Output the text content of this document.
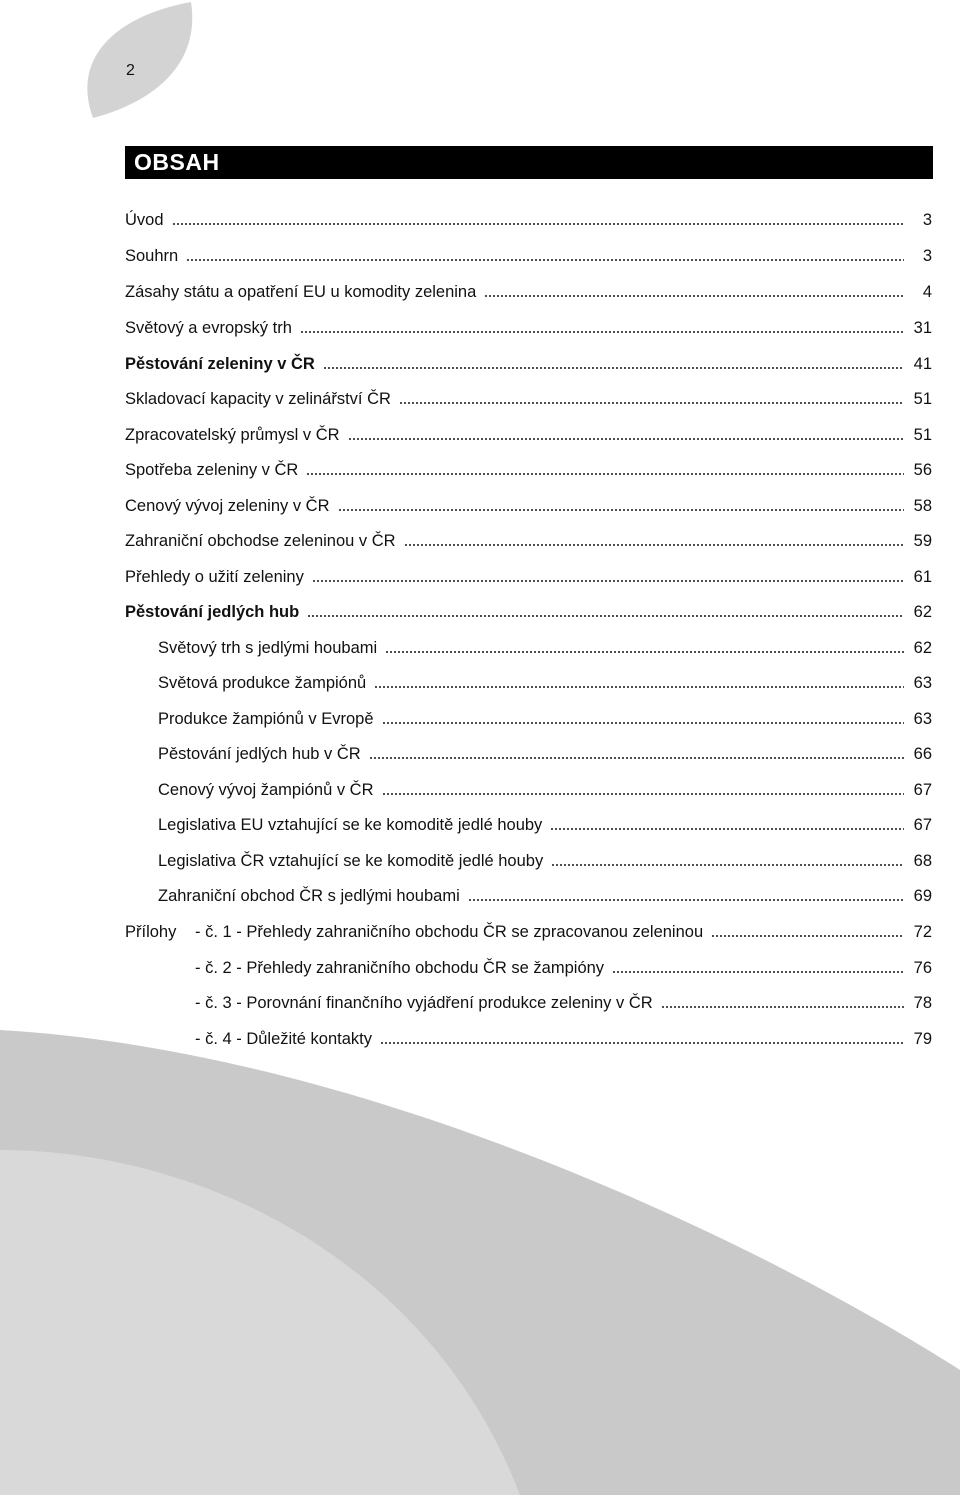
2
OBSAH
Úvod	3
Souhrn	3
Zásahy státu a opatření EU u komodity zelenina	4
Světový a evropský trh	31
Pěstování zeleniny v ČR	41
Skladovací kapacity v zelinářství ČR	51
Zpracovatelský průmysl v ČR	51
Spotřeba zeleniny v ČR	56
Cenový vývoj zeleniny v ČR	58
Zahraniční obchodse zeleninou v ČR	59
Přehledy o užití zeleniny	61
Pěstování jedlých hub	62
Světový trh s jedlými houbami	62
Světová produkce žampiónů	63
Produkce žampiónů v Evropě	63
Pěstování jedlých hub v ČR	66
Cenový vývoj žampiónů v ČR	67
Legislativa EU vztahující se ke komoditě jedlé houby	67
Legislativa ČR vztahující se ke komoditě jedlé houby	68
Zahraniční obchod ČR s jedlými houbami	69
Přílohy	- č. 1 - Přehledy zahraničního obchodu ČR se zpracovanou zeleninou	72
- č. 2 - Přehledy zahraničního obchodu ČR se žampióny	76
- č. 3 - Porovnání finančního vyjádření produkce zeleniny v ČR	78
- č. 4 - Důležité kontakty	79
